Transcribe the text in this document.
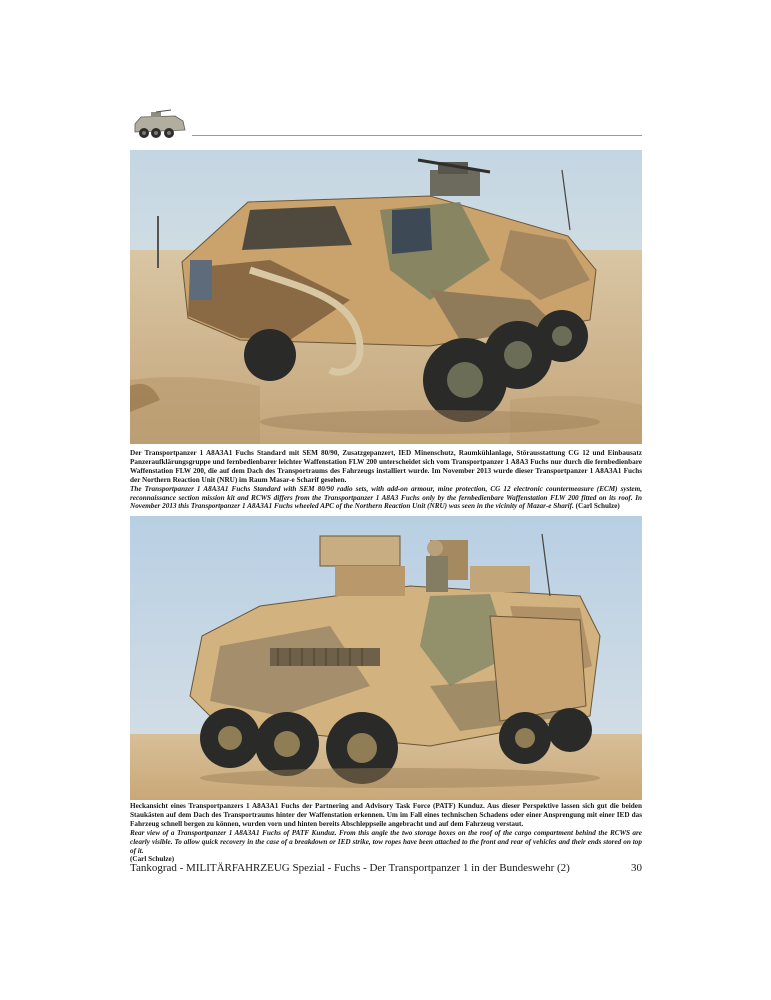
Der Transportpanzer 1 A8A3A1 Fuchs Standard mit SEM 80/90, Zusatzgepanzert, IED Minenschutz, Raumkühlanlage, Störausstattung CG 12 und Einbausatz Panzeraufklärungsgruppe und fernbedienbarer leichter Waffenstation FLW 200 unterscheidet sich vom Transportpanzer 1 A8A3 Fuchs nur durch die fernbedienbare Waffenstation FLW 200, die auf dem Dach des Transportraums des Fahrzeugs installiert wurde. Im November 2013 wurde dieser Transportpanzer 1 A8A3A1 Fuchs der Northern Reaction Unit (NRU) im Raum Masar-e Scharif gesehen.
The Transportpanzer 1 A8A3A1 Fuchs Standard with SEM 80/90 radio sets, with add-on armour, mine protection, CG 12 electronic countermeasure (ECM) system, reconnaissance section mission kit and RCWS differs from the Transportpanzer 1 A8A3 Fuchs only by the fernbedienbare Waffenstation FLW 200 fitted on its roof. In November 2013 this Transportpanzer 1 A8A3A1 Fuchs wheeled APC of the Northern Reaction Unit (NRU) was seen in the vicinity of Mazar-e Sharif. (Carl Schulze)

Heckansicht eines Transportpanzers 1 A8A3A1 Fuchs der Partnering and Advisory Task Force (PATF) Kunduz. Aus dieser Perspektive lassen sich gut die beiden Staukästen auf dem Dach des Transportraums hinter der Waffenstation erkennen. Um im Fall eines technischen Schadens oder einer Ansprengung mit einer IED das Fahrzeug schnell bergen zu können, wurden vorn und hinten bereits Abschleppseile angebracht und auf dem Fahrzeug verstaut.
Rear view of a Transportpanzer 1 A8A3A1 Fuchs of PATF Kunduz. From this angle the two storage boxes on the roof of the cargo compartment behind the RCWS are clearly visible. To allow quick recovery in the case of a breakdown or IED strike, tow ropes have been attached to the front and rear of vehicles and their ends stored on top of it.
(Carl Schulze)

Tankograd - MILITÄRFAHRZEUG Spezial - Fuchs - Der Transportpanzer 1 in der Bundeswehr (2)	30
